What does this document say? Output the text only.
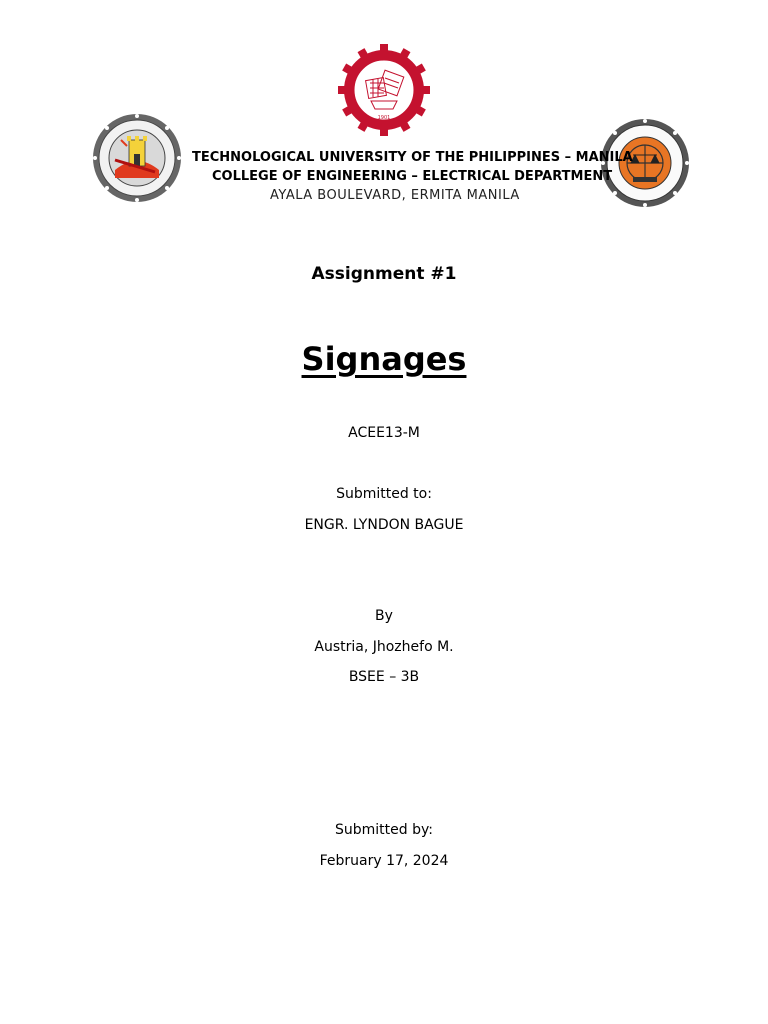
1901
TECHNOLOGICAL UNIVERSITY OF THE PHILIPPINES – MANILA
COLLEGE OF ENGINEERING – ELECTRICAL DEPARTMENT
AYALA BOULEVARD, ERMITA MANILA
Assignment #1
Signages
ACEE13-M
Submitted to:
ENGR. LYNDON BAGUE
By
Austria, Jhozhefo M.
BSEE – 3B
Submitted by:
February 17, 2024
